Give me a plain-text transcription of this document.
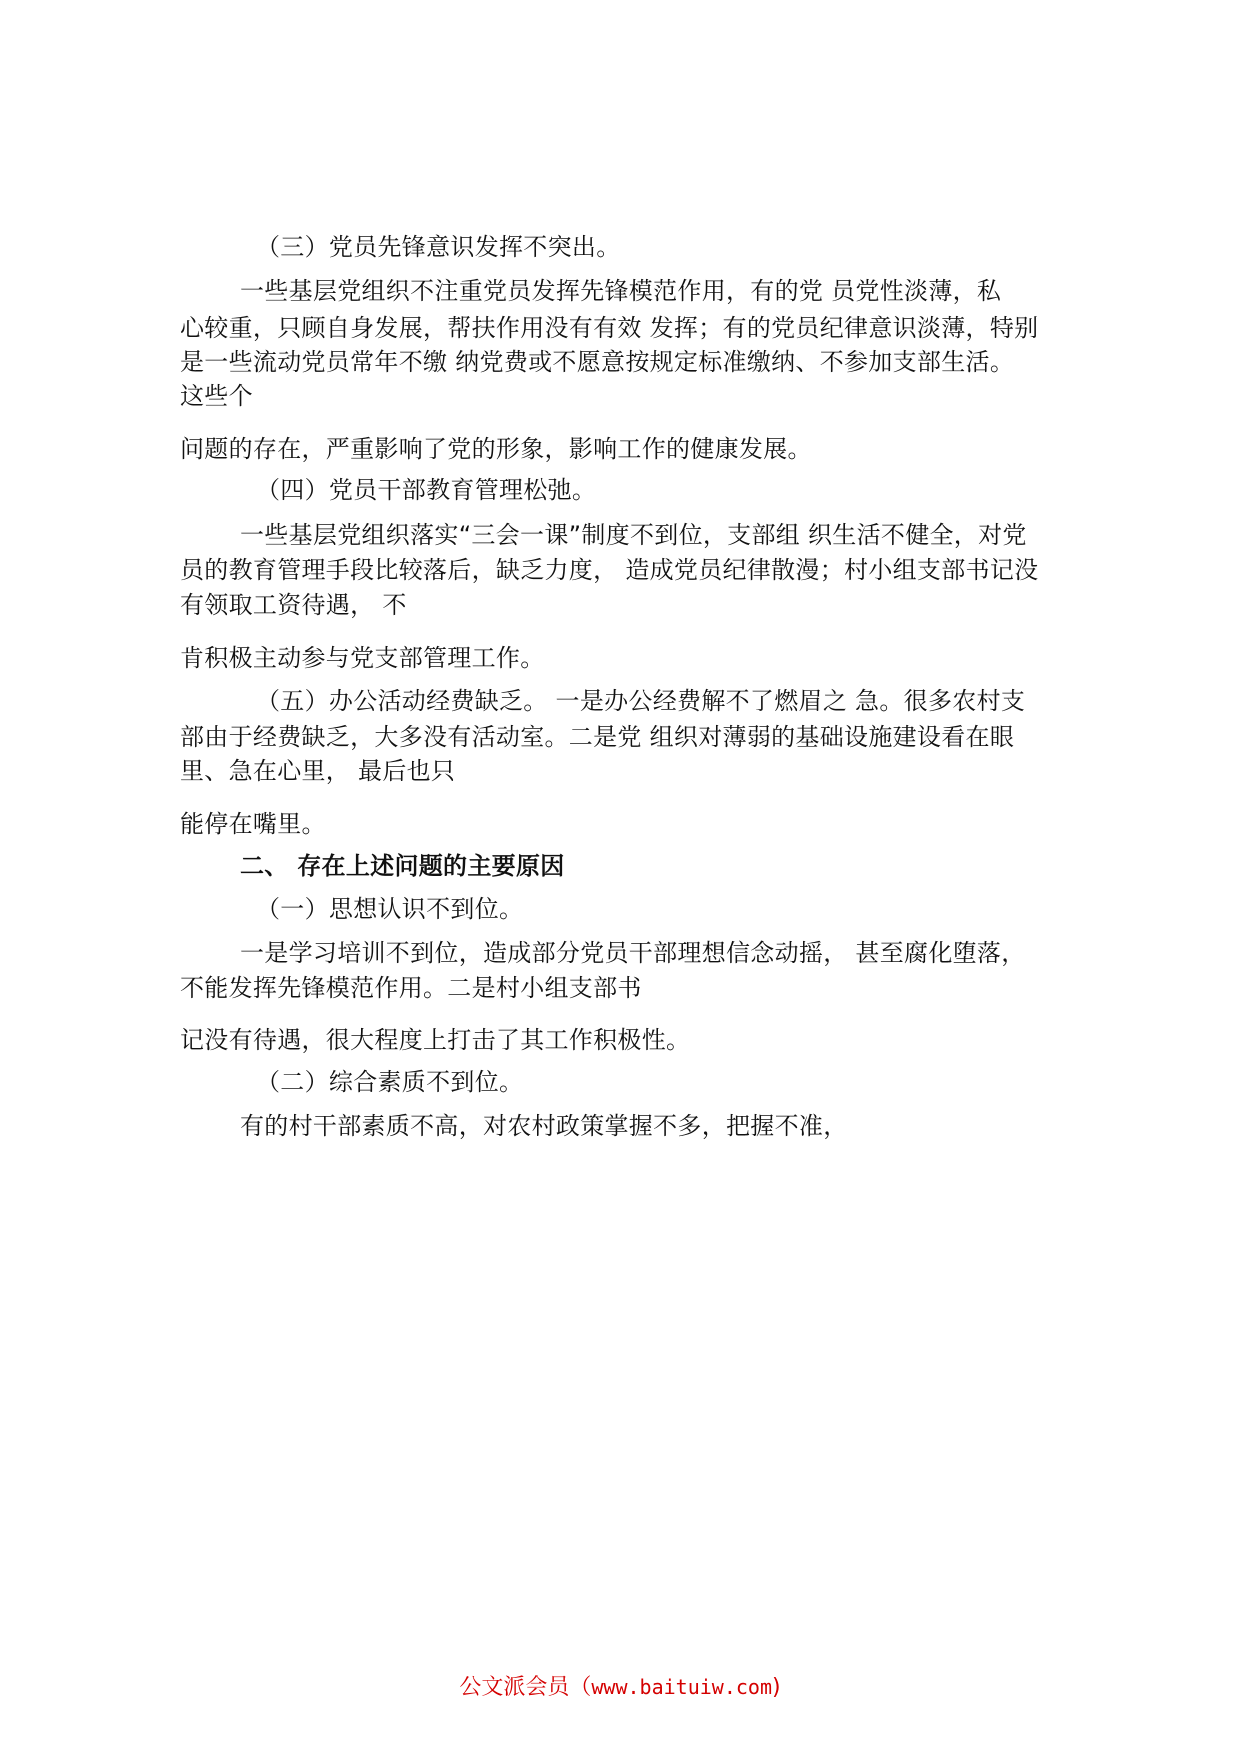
（三）党员先锋意识发挥不突出。
一些基层党组织不注重党员发挥先锋模范作用，有的党 员党性淡薄，私
心较重，只顾自身发展，帮扶作用没有有效 发挥；有的党员纪律意识淡薄，特别
是一些流动党员常年不缴 纳党费或不愿意按规定标准缴纳、不参加支部生活。
这些个
问题的存在，严重影响了党的形象，影响工作的健康发展。
（四）党员干部教育管理松弛。
一些基层党组织落实“三会一课”制度不到位，支部组 织生活不健全，对党
员的教育管理手段比较落后，缺乏力度， 造成党员纪律散漫；村小组支部书记没
有领取工资待遇， 不
肯积极主动参与党支部管理工作。
（五）办公活动经费缺乏。 一是办公经费解不了燃眉之 急。很多农村支
部由于经费缺乏，大多没有活动室。二是党 组织对薄弱的基础设施建设看在眼
里、急在心里， 最后也只
能停在嘴里。
二、 存在上述问题的主要原因
（一）思想认识不到位。
一是学习培训不到位，造成部分党员干部理想信念动摇， 甚至腐化堕落，
不能发挥先锋模范作用。二是村小组支部书
记没有待遇，很大程度上打击了其工作积极性。
（二）综合素质不到位。
有的村干部素质不高，对农村政策掌握不多，把握不准，
公文派会员（www.baituiw.com)
